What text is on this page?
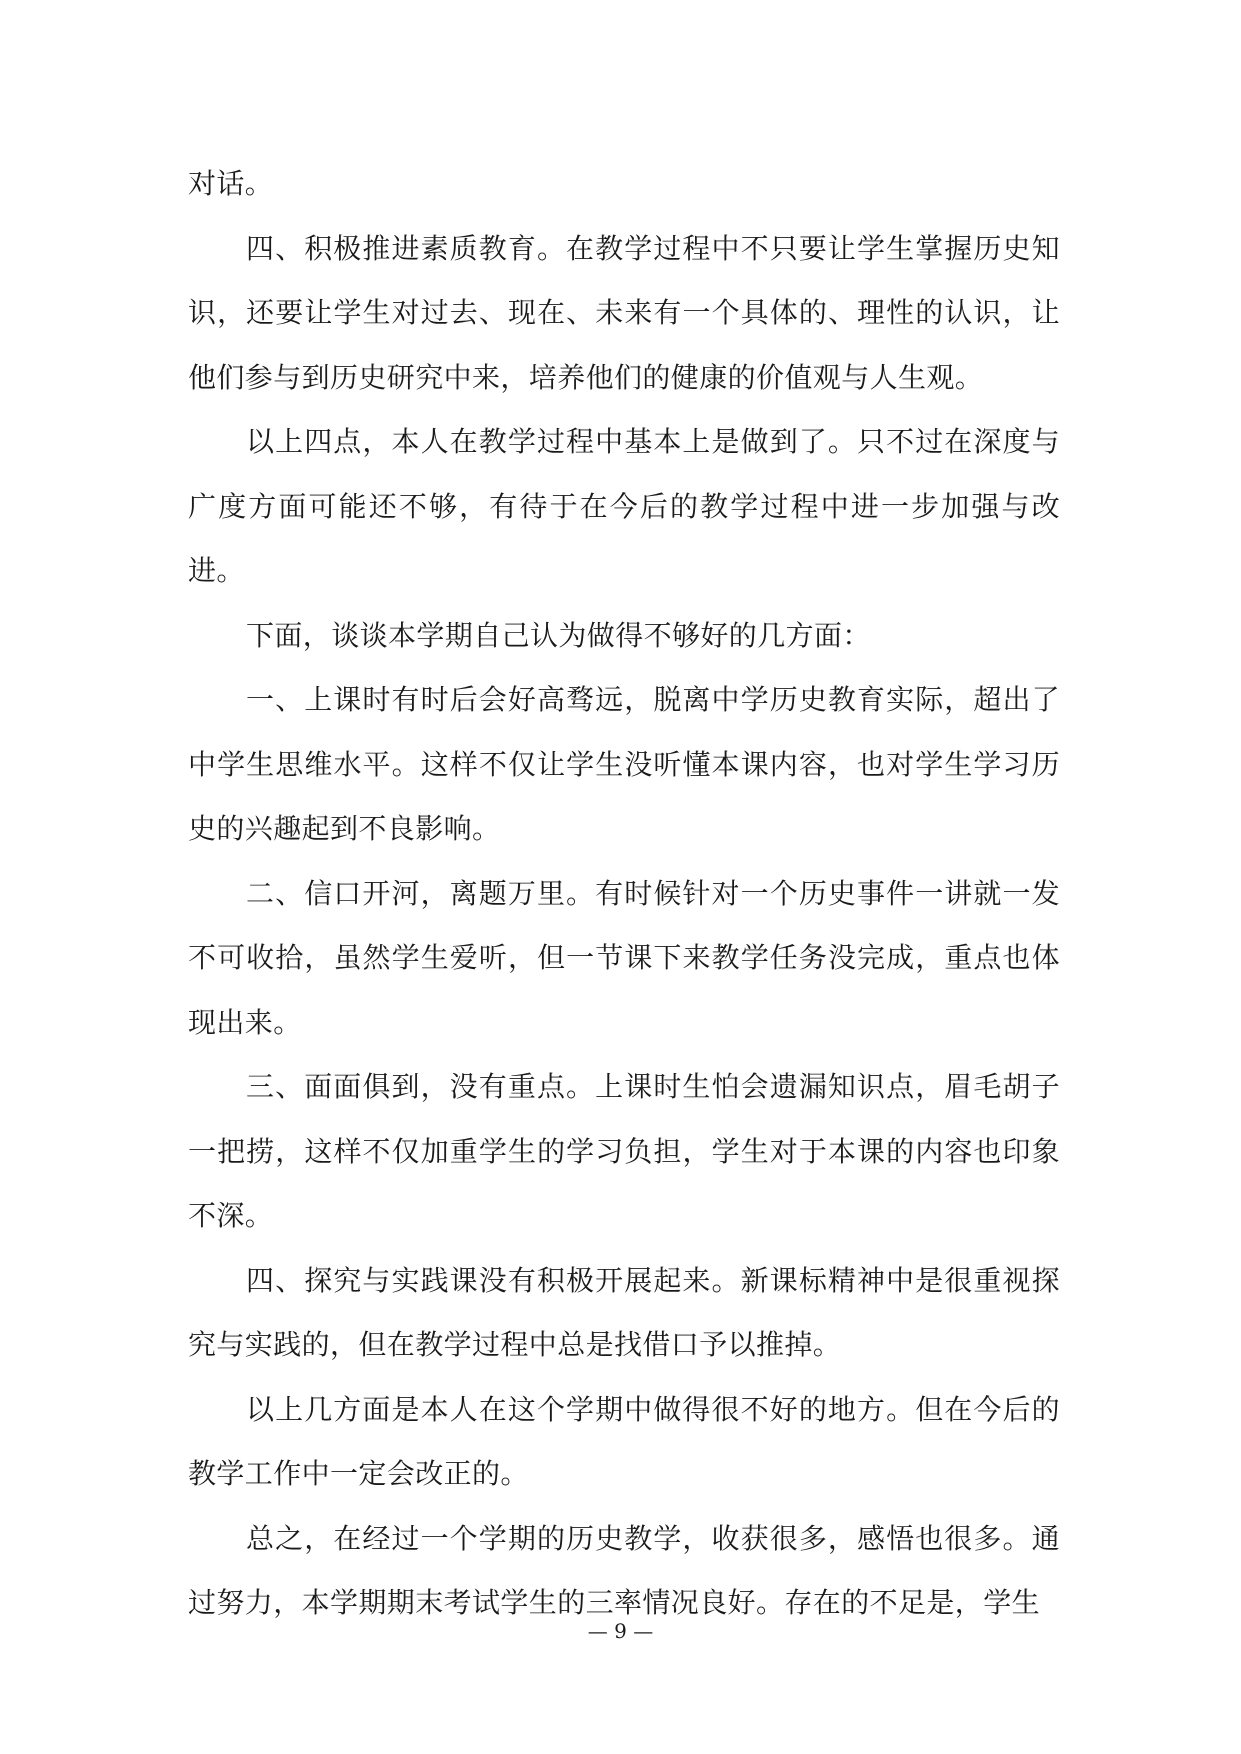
对话。

四、积极推进素质教育。在教学过程中不只要让学生掌握历史知识，还要让学生对过去、现在、未来有一个具体的、理性的认识，让他们参与到历史研究中来，培养他们的健康的价值观与人生观。

以上四点，本人在教学过程中基本上是做到了。只不过在深度与广度方面可能还不够，有待于在今后的教学过程中进一步加强与改进。

下面，谈谈本学期自己认为做得不够好的几方面：

一、上课时有时后会好高骛远，脱离中学历史教育实际，超出了中学生思维水平。这样不仅让学生没听懂本课内容，也对学生学习历史的兴趣起到不良影响。

二、信口开河，离题万里。有时候针对一个历史事件一讲就一发不可收拾，虽然学生爱听，但一节课下来教学任务没完成，重点也体现出来。

三、面面俱到，没有重点。上课时生怕会遗漏知识点，眉毛胡子一把捞，这样不仅加重学生的学习负担，学生对于本课的内容也印象不深。

四、探究与实践课没有积极开展起来。新课标精神中是很重视探究与实践的，但在教学过程中总是找借口予以推掉。

以上几方面是本人在这个学期中做得很不好的地方。但在今后的教学工作中一定会改正的。

总之，在经过一个学期的历史教学，收获很多，感悟也很多。通过努力，本学期期末考试学生的三率情况良好。存在的不足是，学生

— 9 —
